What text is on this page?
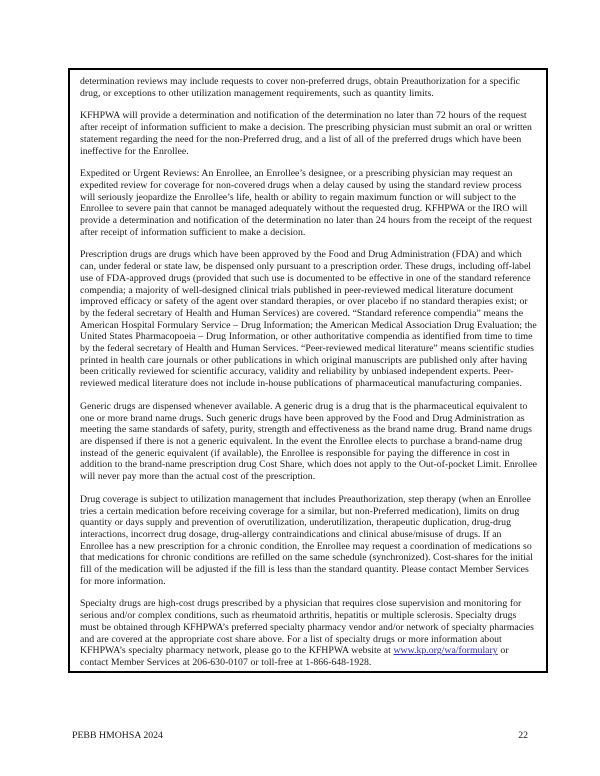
determination reviews may include requests to cover non-preferred drugs, obtain Preauthorization for a specific drug, or exceptions to other utilization management requirements, such as quantity limits.

KFHPWA will provide a determination and notification of the determination no later than 72 hours of the request after receipt of information sufficient to make a decision. The prescribing physician must submit an oral or written statement regarding the need for the non-Preferred drug, and a list of all of the preferred drugs which have been ineffective for the Enrollee.

Expedited or Urgent Reviews: An Enrollee, an Enrollee’s designee, or a prescribing physician may request an expedited review for coverage for non-covered drugs when a delay caused by using the standard review process will seriously jeopardize the Enrollee’s life, health or ability to regain maximum function or will subject to the Enrollee to severe pain that cannot be managed adequately without the requested drug. KFHPWA or the IRO will provide a determination and notification of the determination no later than 24 hours from the receipt of the request after receipt of information sufficient to make a decision.

Prescription drugs are drugs which have been approved by the Food and Drug Administration (FDA) and which can, under federal or state law, be dispensed only pursuant to a prescription order. These drugs, including off-label use of FDA-approved drugs (provided that such use is documented to be effective in one of the standard reference compendia; a majority of well-designed clinical trials published in peer-reviewed medical literature document improved efficacy or safety of the agent over standard therapies, or over placebo if no standard therapies exist; or by the federal secretary of Health and Human Services) are covered. “Standard reference compendia” means the American Hospital Formulary Service – Drug Information; the American Medical Association Drug Evaluation; the United States Pharmacopoeia – Drug Information, or other authoritative compendia as identified from time to time by the federal secretary of Health and Human Services. “Peer-reviewed medical literature” means scientific studies printed in health care journals or other publications in which original manuscripts are published only after having been critically reviewed for scientific accuracy, validity and reliability by unbiased independent experts. Peer-reviewed medical literature does not include in-house publications of pharmaceutical manufacturing companies.

Generic drugs are dispensed whenever available. A generic drug is a drug that is the pharmaceutical equivalent to one or more brand name drugs. Such generic drugs have been approved by the Food and Drug Administration as meeting the same standards of safety, purity, strength and effectiveness as the brand name drug. Brand name drugs are dispensed if there is not a generic equivalent. In the event the Enrollee elects to purchase a brand-name drug instead of the generic equivalent (if available), the Enrollee is responsible for paying the difference in cost in addition to the brand-name prescription drug Cost Share, which does not apply to the Out-of-pocket Limit. Enrollee will never pay more than the actual cost of the prescription.

Drug coverage is subject to utilization management that includes Preauthorization, step therapy (when an Enrollee tries a certain medication before receiving coverage for a similar, but non-Preferred medication), limits on drug quantity or days supply and prevention of overutilization, underutilization, therapeutic duplication, drug-drug interactions, incorrect drug dosage, drug-allergy contraindications and clinical abuse/misuse of drugs. If an Enrollee has a new prescription for a chronic condition, the Enrollee may request a coordination of medications so that medications for chronic conditions are refilled on the same schedule (synchronized). Cost-shares for the initial fill of the medication will be adjusted if the fill is less than the standard quantity. Please contact Member Services for more information.

Specialty drugs are high-cost drugs prescribed by a physician that requires close supervision and monitoring for serious and/or complex conditions, such as rheumatoid arthritis, hepatitis or multiple sclerosis. Specialty drugs must be obtained through KFHPWA’s preferred specialty pharmacy vendor and/or network of specialty pharmacies and are covered at the appropriate cost share above. For a list of specialty drugs or more information about KFHPWA’s specialty pharmacy network, please go to the KFHPWA website at www.kp.org/wa/formulary or contact Member Services at 206-630-0107 or toll-free at 1-866-648-1928.

PEBB HMOHSA 2024	22
